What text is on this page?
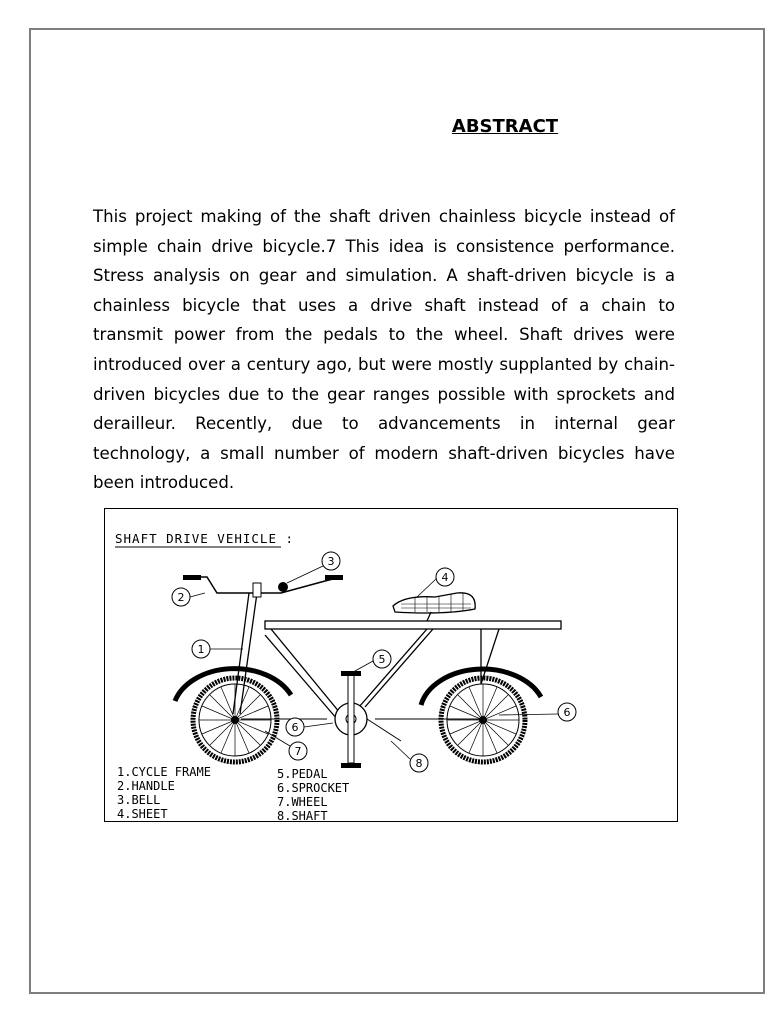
ABSTRACT

This project making of the shaft driven chainless bicycle instead of simple chain drive bicycle.7 This idea is consistence performance. Stress analysis on gear and simulation. A shaft-driven bicycle is a chainless bicycle that uses a drive shaft instead of a chain to transmit power from the pedals to the wheel. Shaft drives were introduced over a century ago, but were mostly supplanted by chain-driven bicycles due to the gear ranges possible with sprockets and derailleur. Recently, due to advancements in internal gear technology, a small number of modern shaft-driven bicycles have been introduced.

SHAFT DRIVE VEHICLE :
1
2
3
4
5
6
6
7
8
1.CYCLE FRAME
2.HANDLE
3.BELL
4.SHEET
5.PEDAL
6.SPROCKET
7.WHEEL
8.SHAFT
